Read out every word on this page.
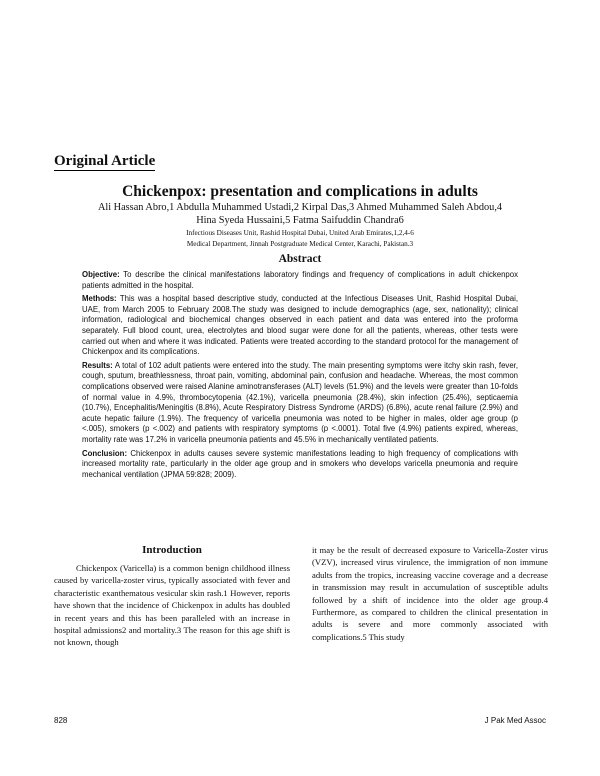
Original Article
Chickenpox: presentation and complications in adults
Ali Hassan Abro,1 Abdulla Muhammed Ustadi,2 Kirpal Das,3 Ahmed Muhammed Saleh Abdou,4
Hina Syeda Hussaini,5 Fatma Saifuddin Chandra6
Infectious Diseases Unit, Rashid Hospital Dubai, United Arab Emirates,1,2,4-6
Medical Department, Jinnah Postgraduate Medical Center, Karachi, Pakistan.3
Abstract

Objective: To describe the clinical manifestations laboratory findings and frequency of complications in adult chickenpox patients admitted in the hospital.

Methods: This was a hospital based descriptive study, conducted at the Infectious Diseases Unit, Rashid Hospital Dubai, UAE, from March 2005 to February 2008.The study was designed to include demographics (age, sex, nationality); clinical information, radiological and biochemical changes observed in each patient and data was entered into the proforma separately. Full blood count, urea, electrolytes and blood sugar were done for all the patients, whereas, other tests were carried out when and where it was indicated. Patients were treated according to the standard protocol for the management of Chickenpox and its complications.

Results: A total of 102 adult patients were entered into the study. The main presenting symptoms were itchy skin rash, fever, cough, sputum, breathlessness, throat pain, vomiting, abdominal pain, confusion and headache. Whereas, the most common complications observed were raised Alanine aminotransferases (ALT) levels (51.9%) and the levels were greater than 10-folds of normal value in 4.9%, thrombocytopenia (42.1%), varicella pneumonia (28.4%), skin infection (25.4%), septicaemia (10.7%), Encephalitis/Meningitis (8.8%), Acute Respiratory Distress Syndrome (ARDS) (6.8%), acute renal failure (2.9%) and acute hepatic failure (1.9%). The frequency of varicella pneumonia was noted to be higher in males, older age group (p <.005), smokers (p <.002) and patients with respiratory symptoms (p <.0001). Total five (4.9%) patients expired, whereas, mortality rate was 17.2% in varicella pneumonia patients and 45.5% in mechanically ventilated patients.

Conclusion: Chickenpox in adults causes severe systemic manifestations leading to high frequency of complications with increased mortality rate, particularly in the older age group and in smokers who develops varicella pneumonia and require mechanical ventilation (JPMA 59:828; 2009).

Introduction
Chickenpox (Varicella) is a common benign childhood illness caused by varicella-zoster virus, typically associated with fever and characteristic exanthematous vesicular skin rash.1 However, reports have shown that the incidence of Chickenpox in adults has doubled in recent years and this has been paralleled with an increase in hospital admissions2 and mortality.3 The reason for this age shift is not known, though
it may be the result of decreased exposure to Varicella-Zoster virus (VZV), increased virus virulence, the immigration of non immune adults from the tropics, increasing vaccine coverage and a decrease in transmission may result in accumulation of susceptible adults followed by a shift of incidence into the older age group.4 Furthermore, as compared to children the clinical presentation in adults is severe and more commonly associated with complications.5 This study
828	J Pak Med Assoc
